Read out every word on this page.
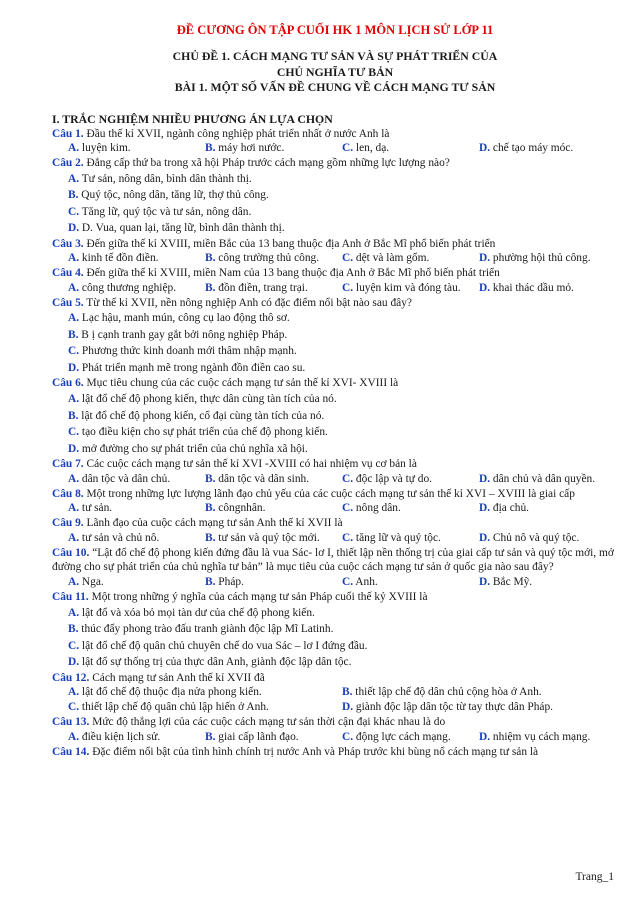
ĐỀ CƯƠNG ÔN TẬP CUỐI HK 1 MÔN LỊCH SỬ LỚP 11
CHỦ ĐỀ 1. CÁCH MẠNG TƯ SẢN VÀ SỰ PHÁT TRIỂN CỦA
CHỦ NGHĨA TƯ BẢN
BÀI 1. MỘT SỐ VẤN ĐỀ CHUNG VỀ CÁCH MẠNG TƯ SẢN
I. TRẮC NGHIỆM NHIỀU PHƯƠNG ÁN LỰA CHỌN
Câu 1. Đầu thế kỉ XVII, ngành công nghiệp phát triển nhất ở nước Anh là
A. luyện kim.	B. máy hơi nước.	C. len, dạ.	D. chế tạo máy móc.
Câu 2. Đẳng cấp thứ ba trong xã hội Pháp trước cách mạng gồm những lực lượng nào?
A. Tư sản, nông dân, bình dân thành thị.
B. Quý tộc, nông dân, tăng lữ, thợ thủ công.
C. Tăng lữ, quý tộc và tư sản, nông dân.
D. D. Vua, quan lại, tăng lữ, bình dân thành thị.
Câu 3. Đến giữa thế kỉ XVIII, miền Bắc của 13 bang thuộc địa Anh ở Bắc Mĩ phổ biến phát triển
A. kinh tế đồn điền.	B. công trường thủ công.	C. dệt và làm gốm.	D. phường hội thủ công.
Câu 4. Đến giữa thế kỉ XVIII, miền Nam của 13 bang thuộc địa Anh ở Bắc Mĩ phổ biến phát triển
A. công thương nghiệp.	B. đồn điền, trang trại.	C. luyện kim và đóng tàu.	D. khai thác dầu mỏ.
Câu 5. Từ thế kỉ XVII, nền nông nghiệp Anh có đặc điểm nổi bật nào sau đây?
A. Lạc hậu, manh mún, công cụ lao động thô sơ.
B. B ị cạnh tranh gay gắt bởi nông nghiệp Pháp.
C. Phương thức kinh doanh mới thâm nhập mạnh.
D. Phát triển mạnh mẽ trong ngành đồn điền cao su.
Câu 6. Mục tiêu chung của các cuộc cách mạng tư sản thế kỉ XVI- XVIII là
A. lật đổ chế độ phong kiến, thực dân cùng tàn tích của nó.
B. lật đổ chế độ phong kiến, cổ đại cùng tàn tích của nó.
C. tạo điều kiện cho sự phát triển của chế độ phong kiến.
D. mở đường cho sự phát triển của chủ nghĩa xã hội.
Câu 7. Các cuộc cách mạng tư sản thế kỉ XVI -XVIII có hai nhiệm vụ cơ bản là
A. dân tộc và dân chủ.	B. dân tộc và dân sinh.	C. độc lập và tự do.	D. dân chủ và dân quyền.
Câu 8. Một trong những lực lượng lãnh đạo chủ yếu của các cuộc cách mạng tư sản thế kỉ XVI – XVIII là giai cấp
A. tư sản.	B. côngnhân.	C. nông dân.	D. địa chủ.
Câu 9. Lãnh đạo của cuộc cách mạng tư sản Anh thế kỉ XVII là
A. tư sản và chủ nô.	B. tư sản và quý tộc mới.	C. tăng lữ và quý tộc.	D. Chủ nô và quý tộc.
Câu 10. “Lật đổ chế độ phong kiến đứng đầu là vua Sác- lơ I, thiết lập nền thống trị của giai cấp tư sản và quý tộc mới, mở đường cho sự phát triển của chủ nghĩa tư bản” là mục tiêu của cuộc cách mạng tư sản ở quốc gia nào sau đây?
A. Nga.	B. Pháp.	C. Anh.	D. Bắc Mỹ.
Câu 11. Một trong những ý nghĩa của cách mạng tư sản Pháp cuối thế kỷ XVIII là
A. lật đổ và xóa bỏ mọi tàn dư của chế độ phong kiến.
B. thúc đẩy phong trào đấu tranh giành độc lập Mĩ Latinh.
C. lật đổ chế độ quân chủ chuyên chế do vua Sác – lơ I đứng đầu.
D. lật đổ sự thống trị của thực dân Anh, giành độc lập dân tộc.
Câu 12. Cách mạng tư sản Anh thế kỉ XVII đã
A. lật đổ chế độ thuộc địa nửa phong kiến.	B. thiết lập chế độ dân chủ cộng hòa ở Anh.
C. thiết lập chế độ quân chủ lập hiến ở Anh.	D. giành độc lập dân tộc từ tay thực dân Pháp.
Câu 13. Mức độ thắng lợi của các cuộc cách mạng tư sản thời cận đại khác nhau là do
A. điều kiện lịch sử.	B. giai cấp lãnh đạo.	C. động lực cách mạng.	D. nhiệm vụ cách mạng.
Câu 14. Đặc điểm nổi bật của tình hình chính trị nước Anh và Pháp trước khi bùng nổ cách mạng tư sản là
Trang_1
